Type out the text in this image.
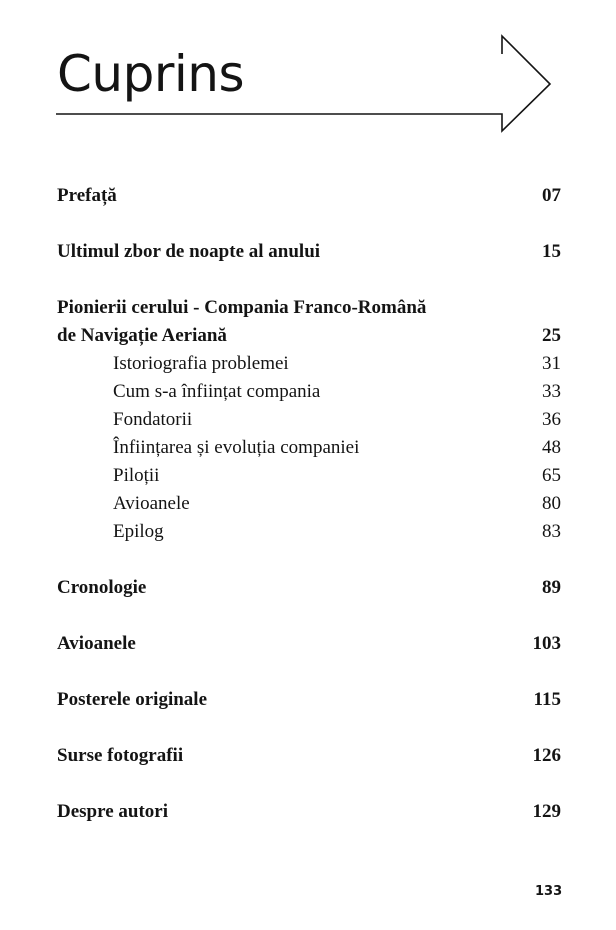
Cuprins
Prefață	07
Ultimul zbor de noapte al anului	15
Pionierii cerului - Compania Franco-Română
de Navigație Aeriană	25
Istoriografia problemei	31
Cum s-a înființat compania	33
Fondatorii	36
Înființarea și evoluția companiei	48
Piloții	65
Avioanele	80
Epilog	83
Cronologie	89
Avioanele	103
Posterele originale	115
Surse fotografii	126
Despre autori	129
133
